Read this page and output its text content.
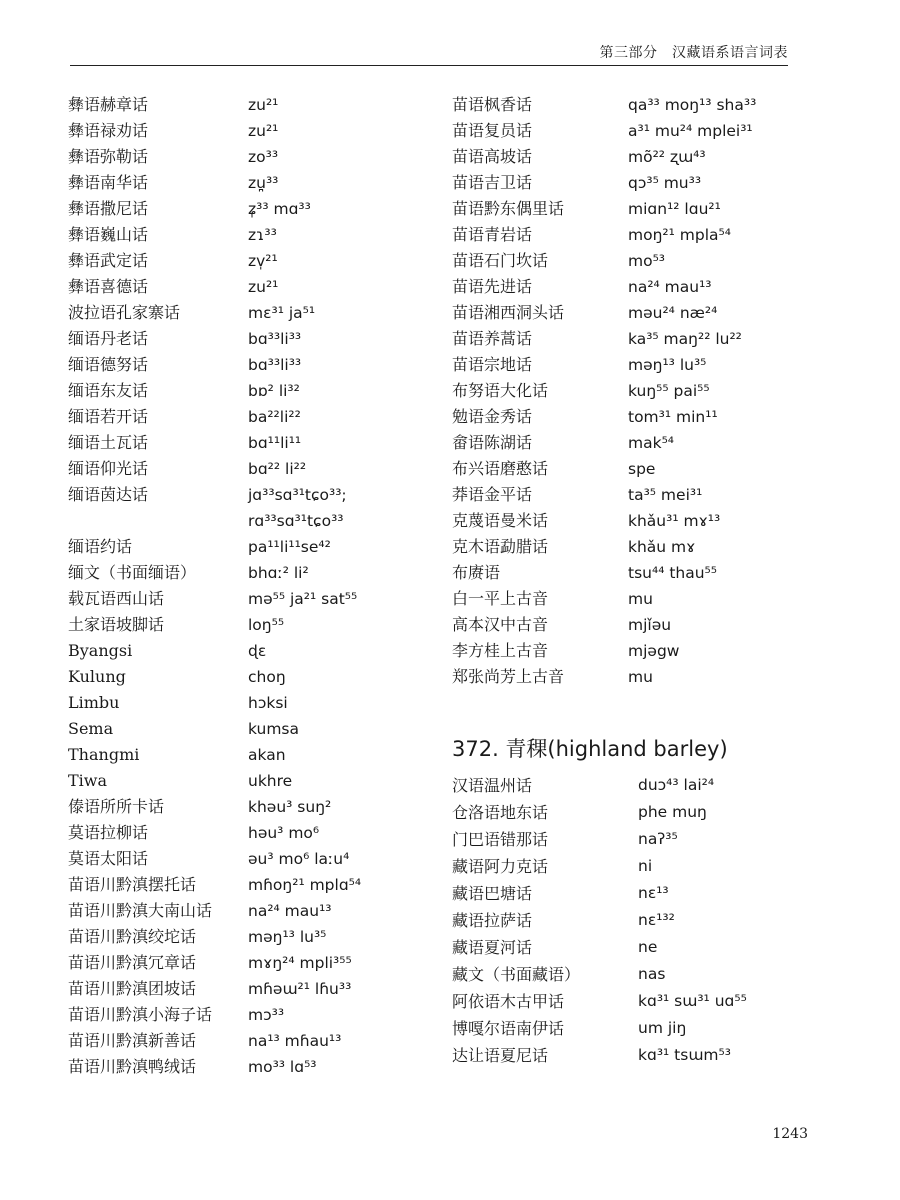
第三部分　汉藏语系语言词表
彝语赫章话	zu²¹
彝语禄劝话	zu²¹
彝语弥勒话	zo³³
彝语南华话	zu̪³³
彝语撒尼话	ʑ̩³³ mɑ³³
彝语巍山话	zɿ³³
彝语武定话	zv̩²¹
彝语喜德话	zu²¹
波拉语孔家寨话	mɛ³¹ ja⁵¹
缅语丹老话	bɑ³³li³³
缅语德努话	bɑ³³li³³
缅语东友话	bɒ² li³²
缅语若开话	ba²²li²²
缅语土瓦话	bɑ¹¹li¹¹
缅语仰光话	bɑ²² li²²
缅语茵达话	jɑ³³sɑ³¹tɕo³³;
rɑ³³sɑ³¹tɕo³³
缅语约话	pa¹¹li¹¹se⁴²
缅文（书面缅语）	bhɑː² li²
载瓦语西山话	mə⁵⁵ ja²¹ sat⁵⁵
土家语坡脚话	loŋ⁵⁵
Byangsi	ɖɛ
Kulung	choŋ
Limbu	hɔksi
Sema	kumsa
Thangmi	akan
Tiwa	ukhre
傣语所所卡话	khəu³ suŋ²
莫语拉柳话	həu³ mo⁶
莫语太阳话	əu³ mo⁶ laːu⁴
苗语川黔滇摆托话	mɦoŋ²¹ mplɑ⁵⁴
苗语川黔滇大南山话 na²⁴ mau¹³
苗语川黔滇绞坨话	məŋ¹³ lu³⁵
苗语川黔滇冗章话	mɤŋ²⁴ mpli³⁵⁵
苗语川黔滇团坡话	mɦəɯ²¹ lɦu³³
苗语川黔滇小海子话 mɔ³³
苗语川黔滇新善话	na¹³ mɦau¹³
苗语川黔滇鸭绒话	mo³³ lɑ⁵³
苗语枫香话	qa³³ moŋ¹³ sha³³
苗语复员话	a³¹ mu²⁴ mplei³¹
苗语高坡话	mõ²² ʐɯ⁴³
苗语吉卫话	qɔ³⁵ mu³³
苗语黔东偶里话	miɑn¹² lɑu²¹
苗语青岩话	moŋ²¹ mpla⁵⁴
苗语石门坎话	mo⁵³
苗语先进话	na²⁴ mau¹³
苗语湘西洞头话	məu²⁴ næ²⁴
苗语养蒿话	ka³⁵ maŋ²² lu²²
苗语宗地话	məŋ¹³ lu³⁵
布努语大化话	kuŋ⁵⁵ pai⁵⁵
勉语金秀话	tom³¹ min¹¹
畲语陈湖话	mak⁵⁴
布兴语磨憨话	spe
莽语金平话	ta³⁵ mei³¹
克蔑语曼米话	khǎu³¹ mɤ¹³
克木语勐腊话	khǎu mɤ
布赓语	tsu⁴⁴ thau⁵⁵
白一平上古音	mu
高本汉中古音	mjǐəu
李方桂上古音	mjəgw
郑张尚芳上古音	mu
372. 青稞(highland barley)
汉语温州话	duɔ⁴³ lai²⁴
仓洛语地东话	phe muŋ
门巴语错那话	naʔ³⁵
藏语阿力克话	ni
藏语巴塘话	nɛ¹³
藏语拉萨话	nɛ¹³²
藏语夏河话	ne
藏文（书面藏语）	nas
阿依语木古甲话	kɑ³¹ sɯ³¹ uɑ⁵⁵
博嘎尔语南伊话	um jiŋ
达让语夏尼话	kɑ³¹ tsɯm⁵³
1243
